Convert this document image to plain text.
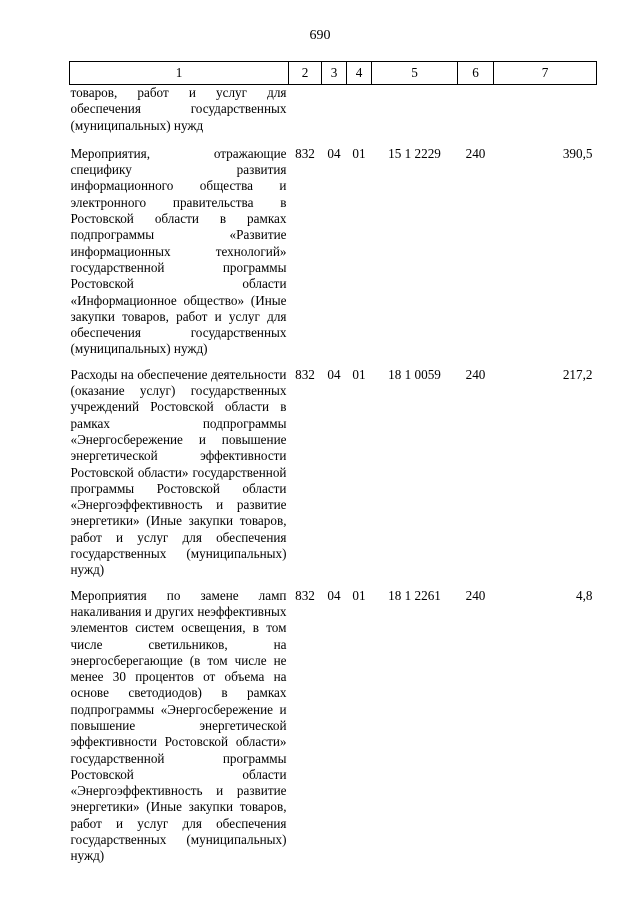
690
1	2	3	4	5	6	7
товаров, работ и услуг для обеспечения государственных (муниципальных) нужд						
Мероприятия, отражающие специфику развития информационного общества и электронного правительства в Ростовской области в рамках подпрограммы «Развитие информационных технологий» государственной программы Ростовской области «Информационное общество» (Иные закупки товаров, работ и услуг для обеспечения государственных (муниципальных) нужд)	832	04	01	15 1 2229	240	390,5
Расходы на обеспечение деятельности (оказание услуг) государственных учреждений Ростовской области в рамках подпрограммы «Энергосбережение и повышение энергетической эффективности Ростовской области» государственной программы Ростовской области «Энергоэффективность и развитие энергетики» (Иные закупки товаров, работ и услуг для обеспечения государственных (муниципальных) нужд)	832	04	01	18 1 0059	240	217,2
Мероприятия по замене ламп накаливания и других неэффективных элементов систем освещения, в том числе светильников, на энергосберегающие (в том числе не менее 30 процентов от объема на основе светодиодов) в рамках подпрограммы «Энергосбережение и повышение энергетической эффективности Ростовской области» государственной программы Ростовской области «Энергоэффективность и развитие энергетики» (Иные закупки товаров, работ и услуг для обеспечения государственных (муниципальных) нужд)	832	04	01	18 1 2261	240	4,8
